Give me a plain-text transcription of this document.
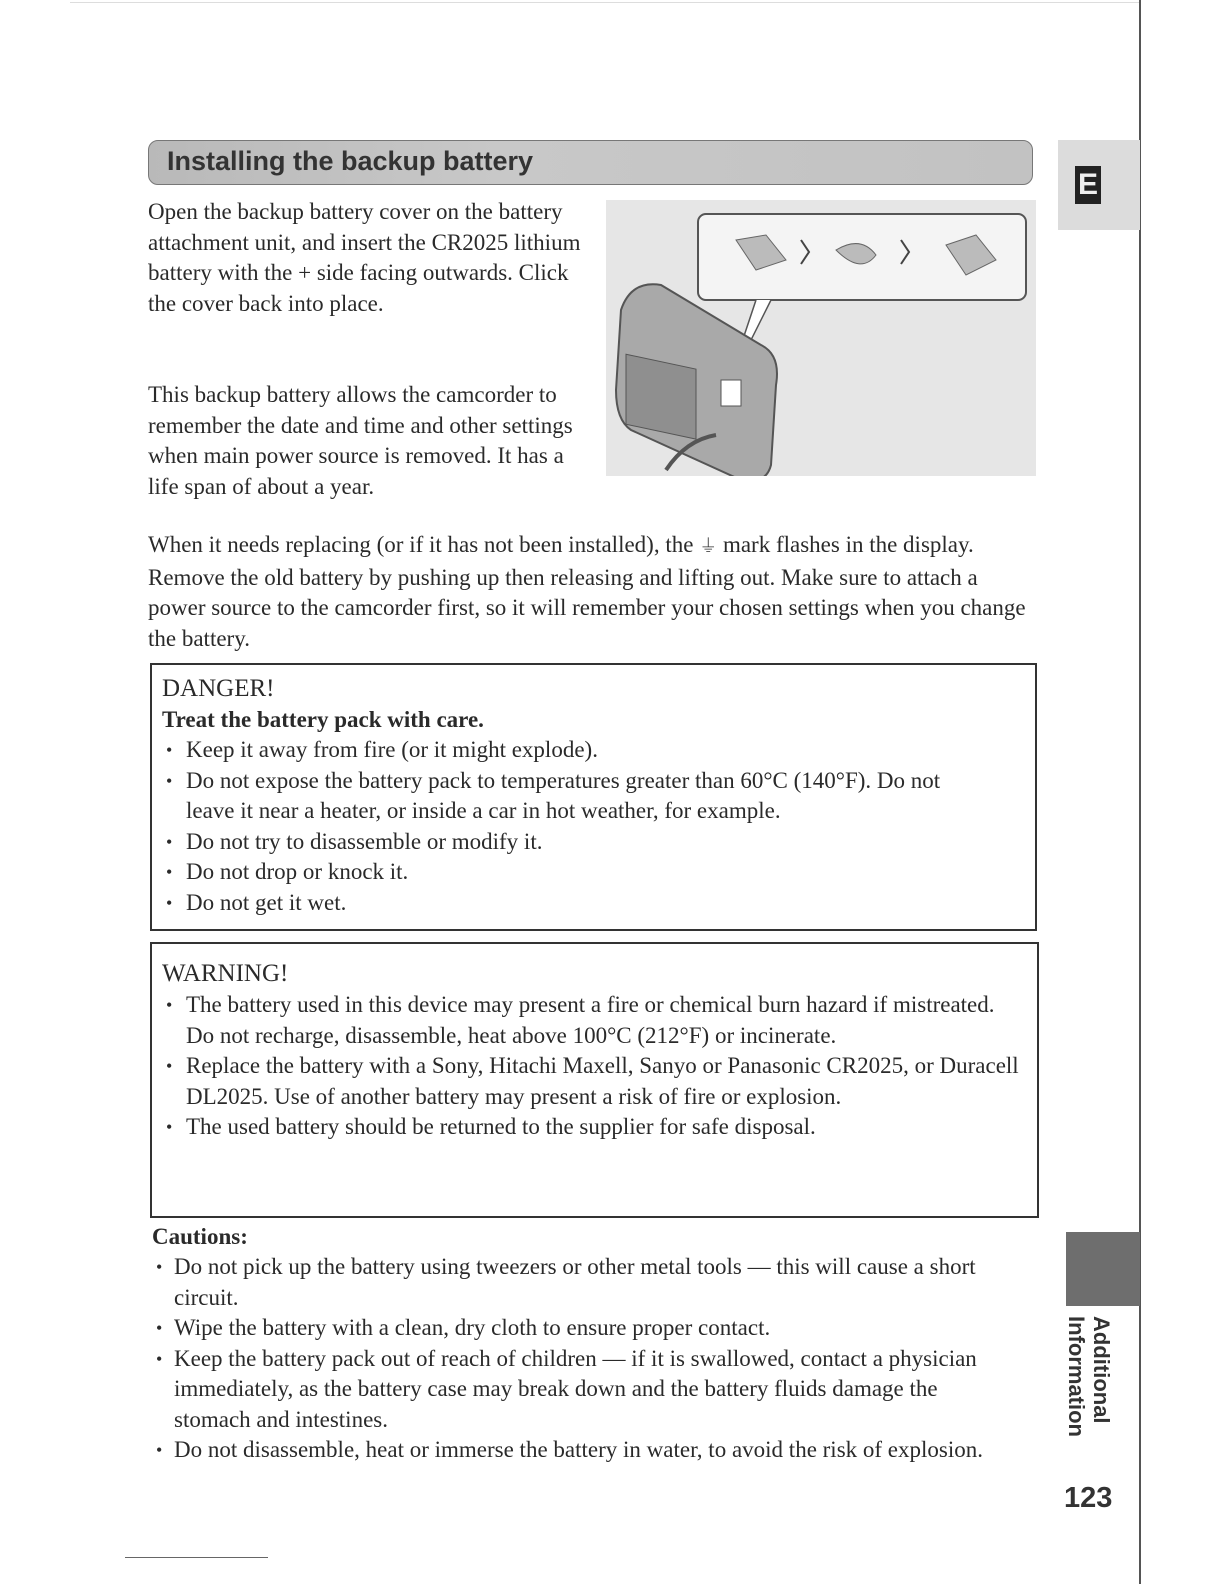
Installing the backup battery
E

Open the backup battery cover on the battery attachment unit, and insert the CR2025 lithium battery with the + side facing outwards. Click the cover back into place.

This backup battery allows the camcorder to remember the date and time and other settings when main power source is removed. It has a life span of about a year.

When it needs replacing (or if it has not been installed), the ⏚ mark flashes in the display. Remove the old battery by pushing up then releasing and lifting out. Make sure to attach a power source to the camcorder first, so it will remember your chosen settings when you change the battery.

DANGER!
Treat the battery pack with care.
• Keep it away from fire (or it might explode).
• Do not expose the battery pack to temperatures greater than 60°C (140°F). Do not leave it near a heater, or inside a car in hot weather, for example.
• Do not try to disassemble or modify it.
• Do not drop or knock it.
• Do not get it wet.
WARNING!
• The battery used in this device may present a fire or chemical burn hazard if mistreated. Do not recharge, disassemble, heat above 100°C (212°F) or incinerate.
• Replace the battery with a Sony, Hitachi Maxell, Sanyo or Panasonic CR2025, or Duracell DL2025. Use of another battery may present a risk of fire or explosion.
• The used battery should be returned to the supplier for safe disposal.
Cautions:
• Do not pick up the battery using tweezers or other metal tools — this will cause a short circuit.
• Wipe the battery with a clean, dry cloth to ensure proper contact.
• Keep the battery pack out of reach of children — if it is swallowed, contact a physician immediately, as the battery case may break down and the battery fluids damage the stomach and intestines.
• Do not disassemble, heat or immerse the battery in water, to avoid the risk of explosion.
Additional
Information
123
